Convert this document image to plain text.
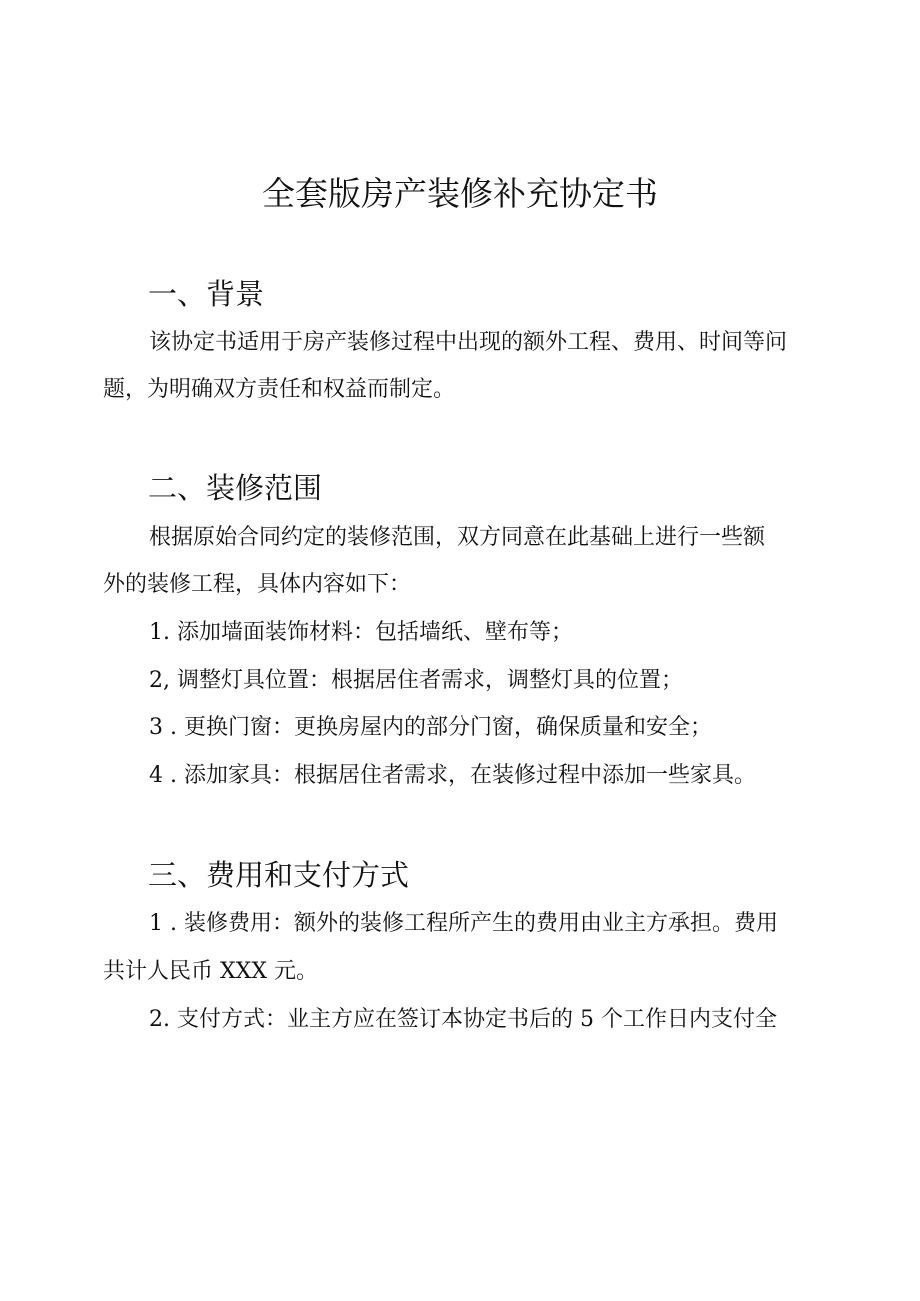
全套版房产装修补充协定书
一、背景

该协定书适用于房产装修过程中出现的额外工程、费用、时间等问

题，为明确双方责任和权益而制定。

二、装修范围

根据原始合同约定的装修范围，双方同意在此基础上进行一些额

外的装修工程，具体内容如下：

1. 添加墙面装饰材料：包括墙纸、壁布等；

2, 调整灯具位置：根据居住者需求，调整灯具的位置；

3 . 更换门窗：更换房屋内的部分门窗，确保质量和安全；

4 . 添加家具：根据居住者需求，在装修过程中添加一些家具。

三、费用和支付方式

1 . 装修费用：额外的装修工程所产生的费用由业主方承担。费用

共计人民币 XXX 元。

2. 支付方式：业主方应在签订本协定书后的 5 个工作日内支付全
